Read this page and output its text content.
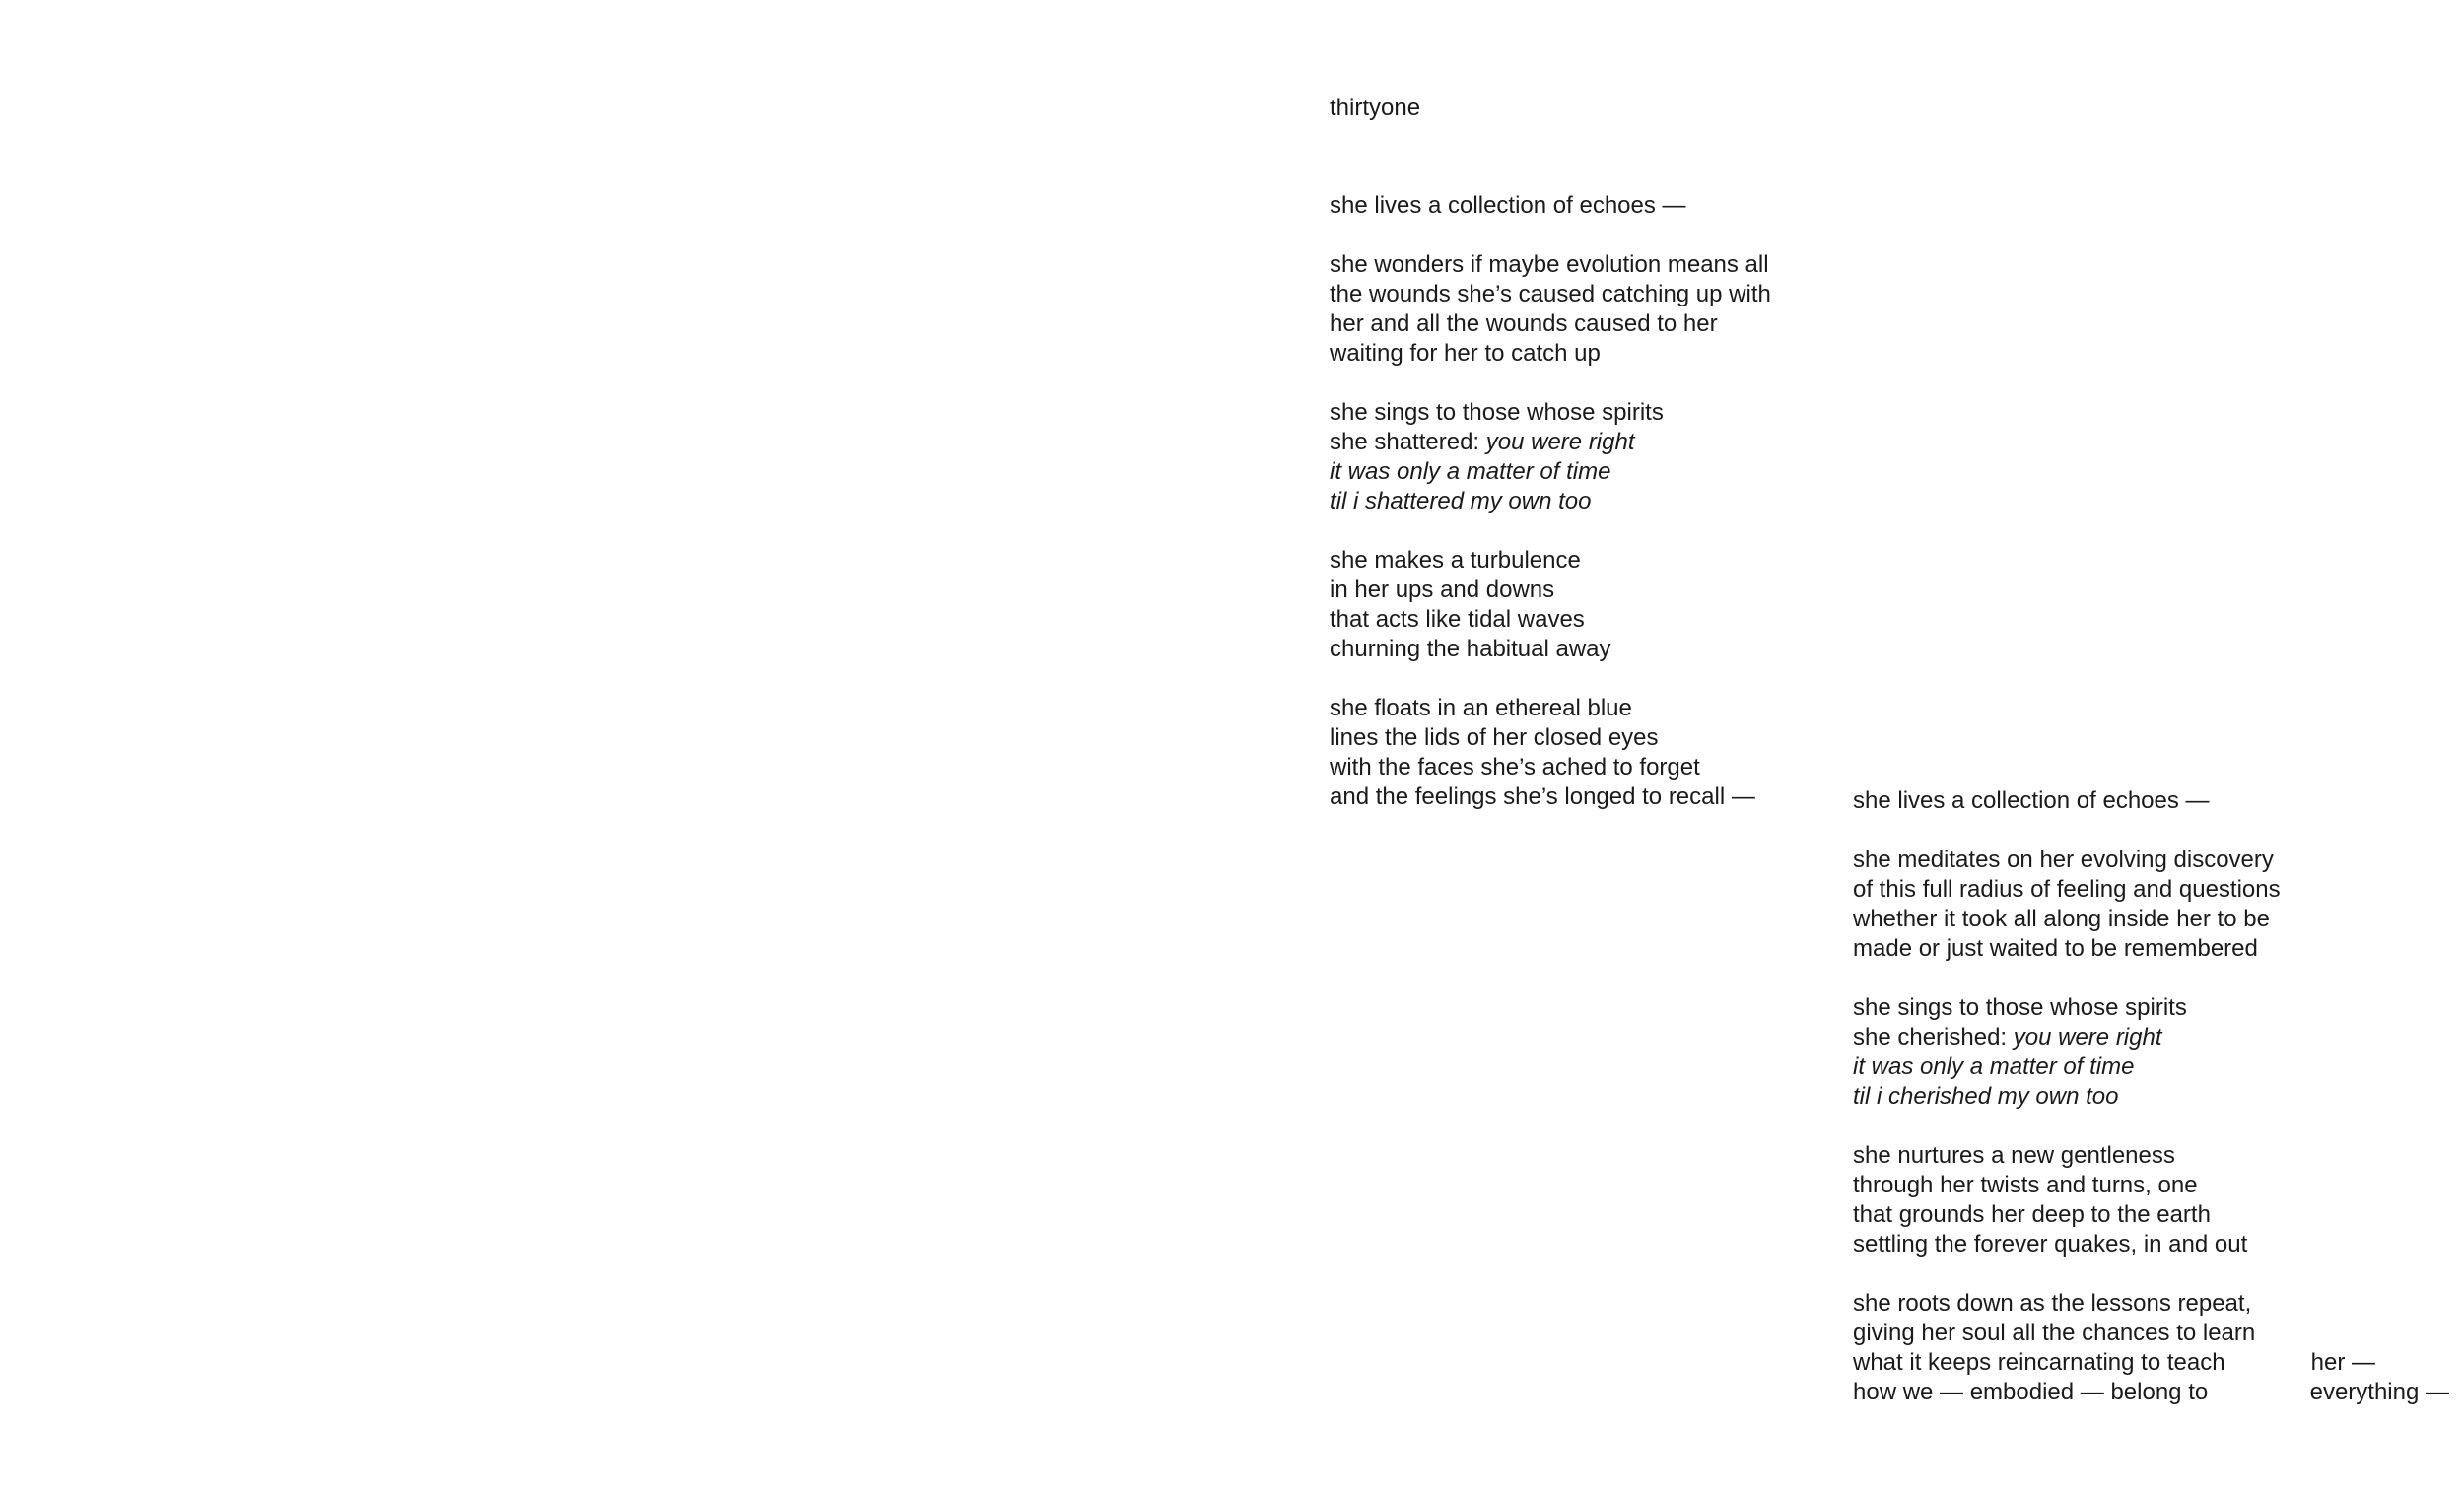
thirtyone
she lives a collection of echoes —
she wonders if maybe evolution means all
the wounds she’s caused catching up with
her and all the wounds caused to her
waiting for her to catch up
she sings to those whose spirits
she shattered: you were right
it was only a matter of time
til i shattered my own too
she makes a turbulence
in her ups and downs
that acts like tidal waves
churning the habitual away
she floats in an ethereal blue
lines the lids of her closed eyes
with the faces she’s ached to forget
and the feelings she’s longed to recall —	she lives a collection of echoes —
she meditates on her evolving discovery
of this full radius of feeling and questions
whether it took all along inside her to be
made or just waited to be remembered
she sings to those whose spirits
she cherished: you were right
it was only a matter of time
til i cherished my own too
she nurtures a new gentleness
through her twists and turns, one
that grounds her deep to the earth
settling the forever quakes, in and out
she roots down as the lessons repeat,
giving her soul all the chances to learn
what it keeps reincarnating to teach	her —
how we — embodied — belong to	everything —
